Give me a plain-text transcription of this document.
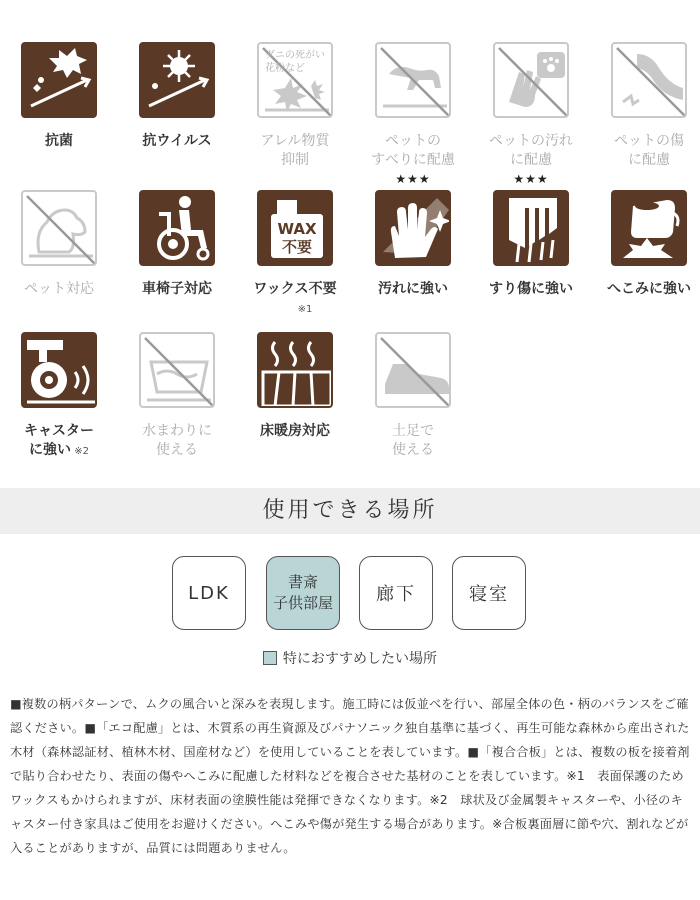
抗菌	抗ウイルス
ダニの死がい
花粉など
アレル物質
抑制
ペットの
すべりに配慮
ペットの汚れ
に配慮
ペットの傷
に配慮
ペット対応	車椅子対応
WAX
不要
ワックス不要
※1
★★★
汚れに強い
★★★
すり傷に強い	へこみに強い
キャスター
に強い ※2
水まわりに
使える
床暖房対応	土足で
使える
使用できる場所
LDK
書斎
子供部屋 廊下	寝室
特におすすめしたい場所
■複数の柄パターンで、ムクの風合いと深みを表現します。施工時には仮並べを行い、部屋全体の色・柄のバランスをご確認ください。■「エコ配慮」とは、木質系の再生資源及びパナソニック独自基準に基づく、再生可能な森林から産出された木材（森林認証材、植林木材、国産材など）を使用していることを表しています。■「複合合板」とは、複数の板を接着剤で貼り合わせたり、表面の傷やへこみに配慮した材料などを複合させた基材のことを表しています。※1　表面保護のためワックスもかけられますが、床材表面の塗膜性能は発揮できなくなります。※2　球状及び金属製キャスターや、小径のキャスター付き家具はご使用をお避けください。へこみや傷が発生する場合があります。※合板裏面層に節や穴、割れなどが入ることがありますが、品質には問題ありません。
